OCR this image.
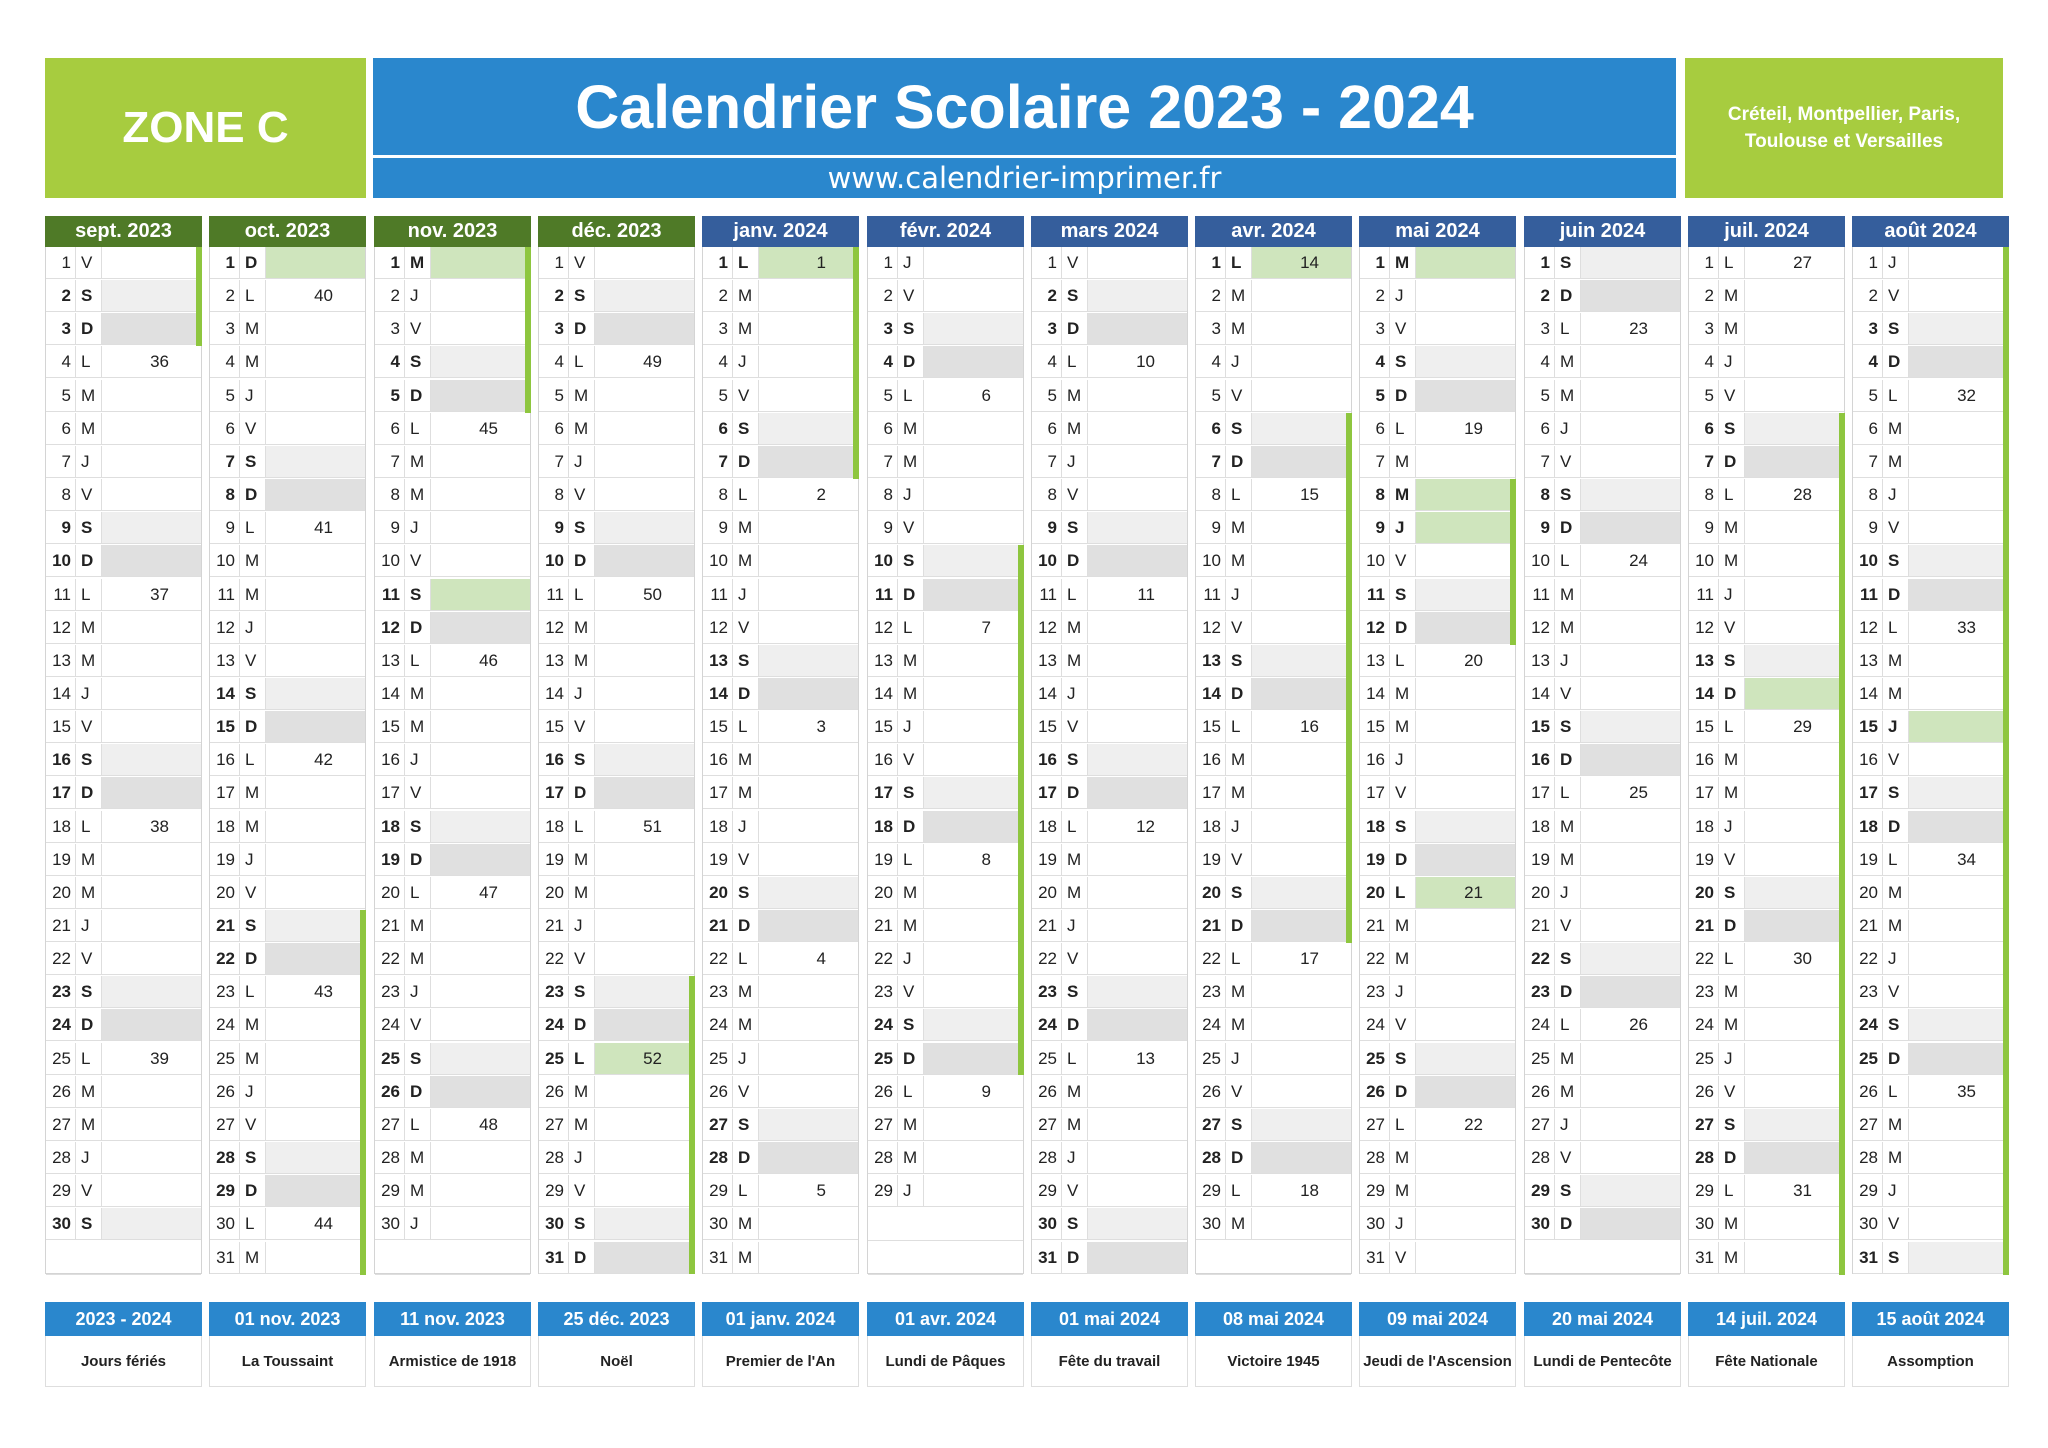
ZONE C	Calendrier Scolaire 2023 - 2024
www.calendrier-imprimer.fr
Créteil, Montpellier, Paris,
Toulouse et Versailles
sept. 2023
1 V
2 S
3 D
4 L	36
5 M
6 M
7 J
8 V
9 S
10 D
11 L	37
12 M
13 M
14 J
15 V
16 S
17 D
18 L	38
19 M
20 M
21 J
22 V
23 S
24 D
25 L	39
26 M
27 M
28 J
29 V
30 S
oct. 2023
1 D
2 L	40
3 M
4 M
5 J
6 V
7 S
8 D
9 L	41
10 M
11 M
12 J
13 V
14 S
15 D
16 L	42
17 M
18 M
19 J
20 V
21 S
22 D
23 L	43
24 M
25 M
26 J
27 V
28 S
29 D
30 L	44
31 M
nov. 2023
1 M
2 J
3 V
4 S
5 D
6 L	45
7 M
8 M
9 J
10 V
11 S
12 D
13 L	46
14 M
15 M
16 J
17 V
18 S
19 D
20 L	47
21 M
22 M
23 J
24 V
25 S
26 D
27 L	48
28 M
29 M
30 J
déc. 2023
1 V
2 S
3 D
4 L	49
5 M
6 M
7 J
8 V
9 S
10 D
11 L	50
12 M
13 M
14 J
15 V
16 S
17 D
18 L	51
19 M
20 M
21 J
22 V
23 S
24 D
25 L	52
26 M
27 M
28 J
29 V
30 S
31 D
janv. 2024
1 L	1
2 M
3 M
4 J
5 V
6 S
7 D
8 L	2
9 M
10 M
11 J
12 V
13 S
14 D
15 L	3
16 M
17 M
18 J
19 V
20 S
21 D
22 L	4
23 M
24 M
25 J
26 V
27 S
28 D
29 L	5
30 M
31 M
févr. 2024
1 J
2 V
3 S
4 D
5 L	6
6 M
7 M
8 J
9 V
10 S
11 D
12 L	7
13 M
14 M
15 J
16 V
17 S
18 D
19 L	8
20 M
21 M
22 J
23 V
24 S
25 D
26 L	9
27 M
28 M
29 J
mars 2024
1 V
2 S
3 D
4 L	10
5 M
6 M
7 J
8 V
9 S
10 D
11 L	11
12 M
13 M
14 J
15 V
16 S
17 D
18 L	12
19 M
20 M
21 J
22 V
23 S
24 D
25 L	13
26 M
27 M
28 J
29 V
30 S
31 D
avr. 2024
1 L	14
2 M
3 M
4 J
5 V
6 S
7 D
8 L	15
9 M
10 M
11 J
12 V
13 S
14 D
15 L	16
16 M
17 M
18 J
19 V
20 S
21 D
22 L	17
23 M
24 M
25 J
26 V
27 S
28 D
29 L	18
30 M
mai 2024
1 M
2 J
3 V
4 S
5 D
6 L	19
7 M
8 M
9 J
10 V
11 S
12 D
13 L	20
14 M
15 M
16 J
17 V
18 S
19 D
20 L	21
21 M
22 M
23 J
24 V
25 S
26 D
27 L	22
28 M
29 M
30 J
31 V
juin 2024
1 S
2 D
3 L	23
4 M
5 M
6 J
7 V
8 S
9 D
10 L	24
11 M
12 M
13 J
14 V
15 S
16 D
17 L	25
18 M
19 M
20 J
21 V
22 S
23 D
24 L	26
25 M
26 M
27 J
28 V
29 S
30 D
juil. 2024
1 L	27
2 M
3 M
4 J
5 V
6 S
7 D
8 L	28
9 M
10 M
11 J
12 V
13 S
14 D
15 L	29
16 M
17 M
18 J
19 V
20 S
21 D
22 L	30
23 M
24 M
25 J
26 V
27 S
28 D
29 L	31
30 M
31 M
août 2024
1 J
2 V
3 S
4 D
5 L	32
6 M
7 M
8 J
9 V
10 S
11 D
12 L	33
13 M
14 M
15 J
16 V
17 S
18 D
19 L	34
20 M
21 M
22 J
23 V
24 S
25 D
26 L	35
27 M
28 M
29 J
30 V
31 S
2023 - 2024
Jours fériés
01 nov. 2023
La Toussaint
11 nov. 2023
Armistice de 1918
25 déc. 2023
Noël
01 janv. 2024
Premier de l'An
01 avr. 2024
Lundi de Pâques
01 mai 2024
Fête du travail
08 mai 2024
Victoire 1945
09 mai 2024
Jeudi de l'Ascension
20 mai 2024
Lundi de Pentecôte
14 juil. 2024
Fête Nationale
15 août 2024
Assomption
